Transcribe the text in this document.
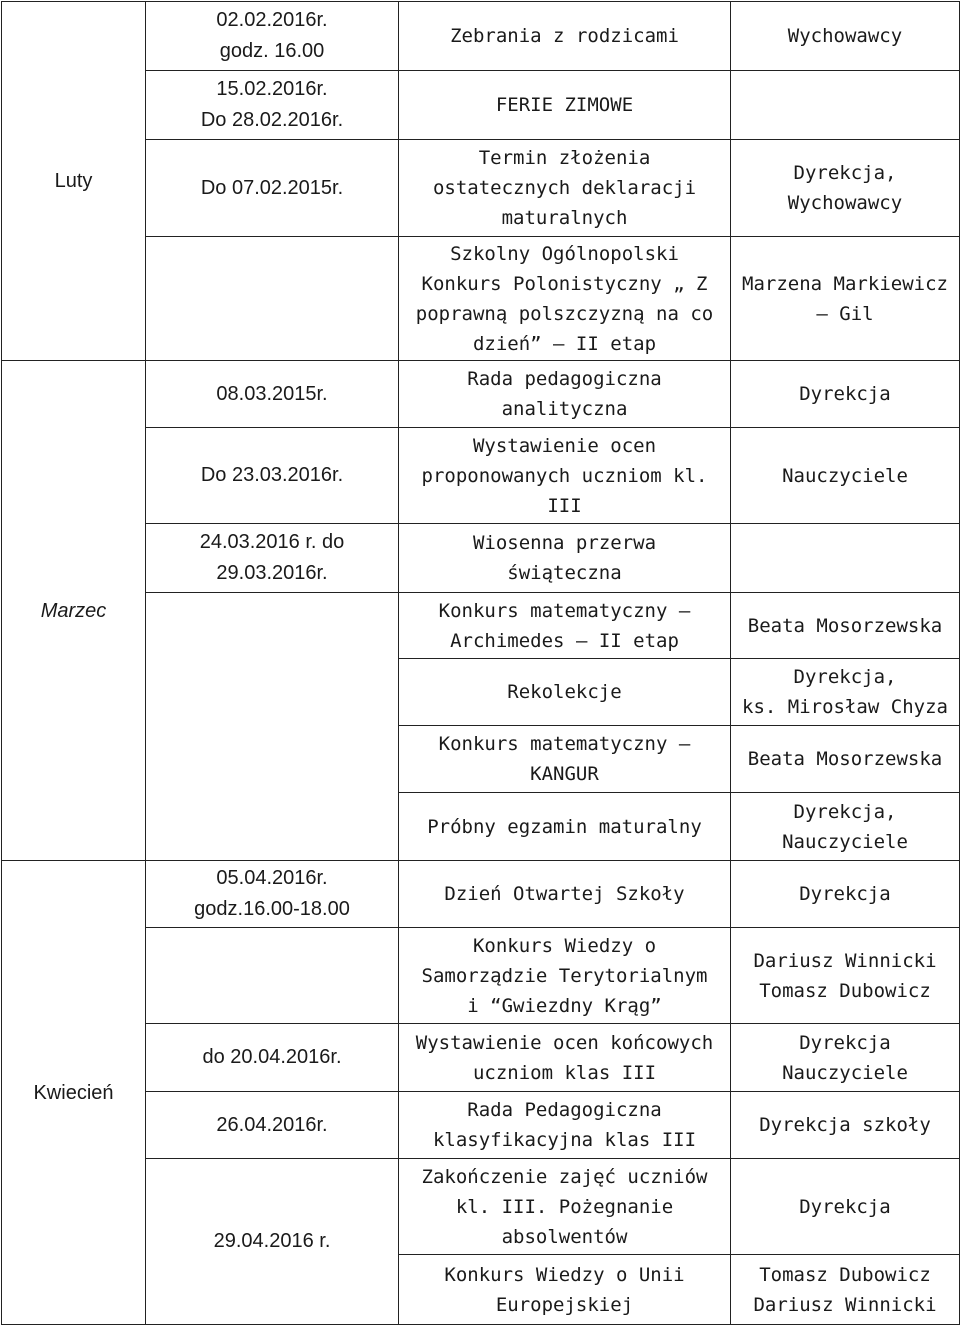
Luty	02.02.2016r.
godz. 16.00	Zebrania z rodzicami	Wychowawcy

	15.02.2016r.
Do 28.02.2016r.	FERIE ZIMOWE	

	Do 07.02.2015r.	Termin złożenia
ostatecznych deklaracji
maturalnych	Dyrekcja,
Wychowawcy

		Szkolny Ogólnopolski
Konkurs Polonistyczny „ Z
poprawną polszczyzną na co
dzień” – II etap	Marzena Markiewicz
– Gil

Marzec	08.03.2015r.	Rada pedagogiczna
analityczna	Dyrekcja

	Do 23.03.2016r.	Wystawienie ocen
proponowanych uczniom kl.
III	Nauczyciele

	24.03.2016 r. do
29.03.2016r.	Wiosenna przerwa
świąteczna	

		Konkurs matematyczny –
Archimedes – II etap	Beata Mosorzewska

		Rekolekcje	Dyrekcja,
ks. Mirosław Chyza

		Konkurs matematyczny –
KANGUR	Beata Mosorzewska

		Próbny egzamin maturalny	Dyrekcja,
Nauczyciele

Kwiecień	05.04.2016r.
godz.16.00-18.00	Dzień Otwartej Szkoły	Dyrekcja

		Konkurs Wiedzy o
Samorządzie Terytorialnym
i “Gwiezdny Krąg”	Dariusz Winnicki
Tomasz Dubowicz

	do 20.04.2016r.	Wystawienie ocen końcowych
uczniom klas III	Dyrekcja
Nauczyciele

	26.04.2016r.	Rada Pedagogiczna
klasyfikacyjna klas III	Dyrekcja szkoły

	29.04.2016 r.	Zakończenie zajęć uczniów
kl. III. Pożegnanie
absolwentów	Dyrekcja

		Konkurs Wiedzy o Unii
Europejskiej	Tomasz Dubowicz
Dariusz Winnicki
